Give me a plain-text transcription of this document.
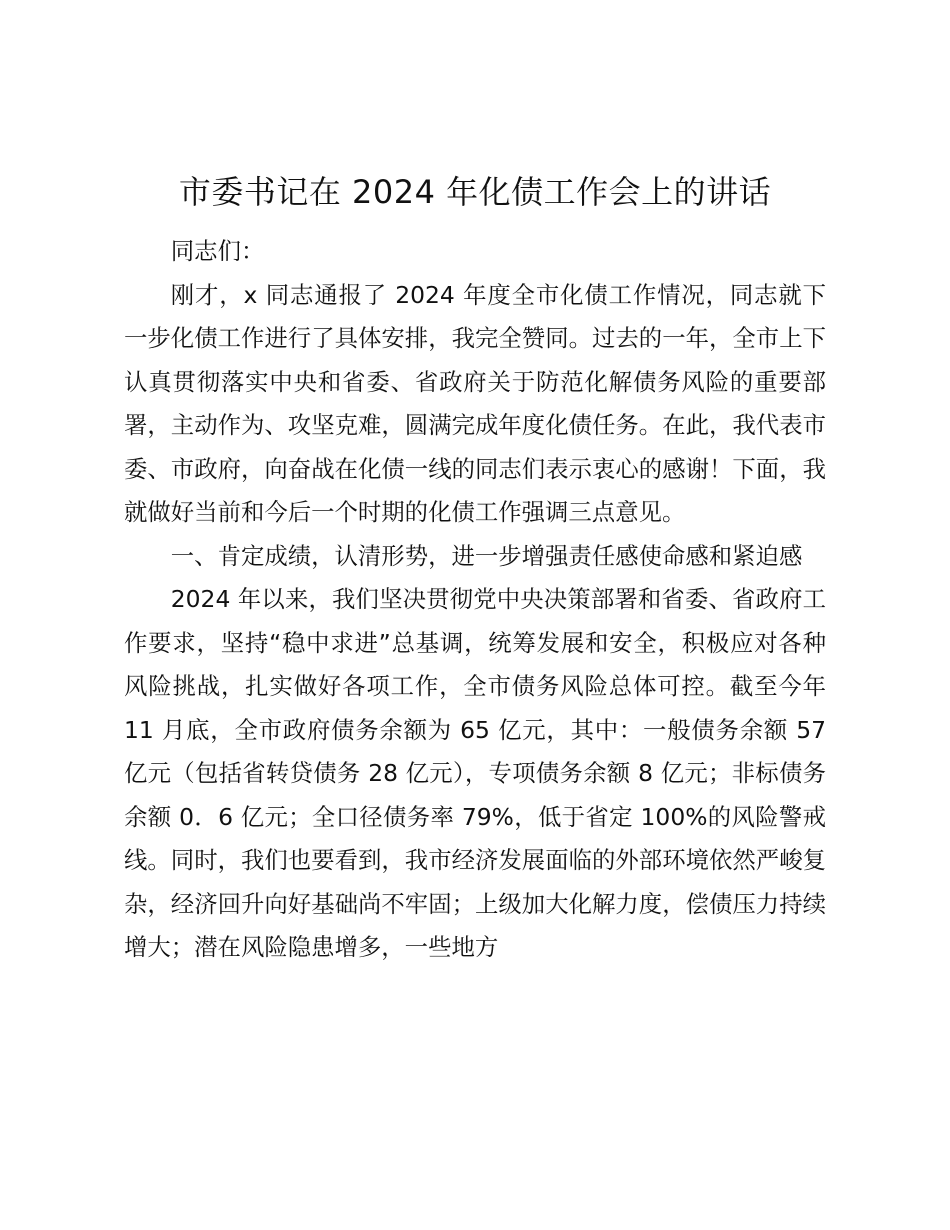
市委书记在 2024 年化债工作会上的讲话

同志们：

刚才，x 同志通报了 2024 年度全市化债工作情况，同志就下一步化债工作进行了具体安排，我完全赞同。过去的一年，全市上下认真贯彻落实中央和省委、省政府关于防范化解债务风险的重要部署，主动作为、攻坚克难，圆满完成年度化债任务。在此，我代表市委、市政府，向奋战在化债一线的同志们表示衷心的感谢！下面，我就做好当前和今后一个时期的化债工作强调三点意见。

一、肯定成绩，认清形势，进一步增强责任感使命感和紧迫感

2024 年以来，我们坚决贯彻党中央决策部署和省委、省政府工作要求，坚持“稳中求进”总基调，统筹发展和安全，积极应对各种风险挑战，扎实做好各项工作，全市债务风险总体可控。截至今年 11 月底，全市政府债务余额为 65 亿元，其中：一般债务余额 57 亿元（包括省转贷债务 28 亿元），专项债务余额 8 亿元；非标债务余额 0．6 亿元；全口径债务率 79%，低于省定 100%的风险警戒线。同时，我们也要看到，我市经济发展面临的外部环境依然严峻复杂，经济回升向好基础尚不牢固；上级加大化解力度，偿债压力持续增大；潜在风险隐患增多，一些地方
